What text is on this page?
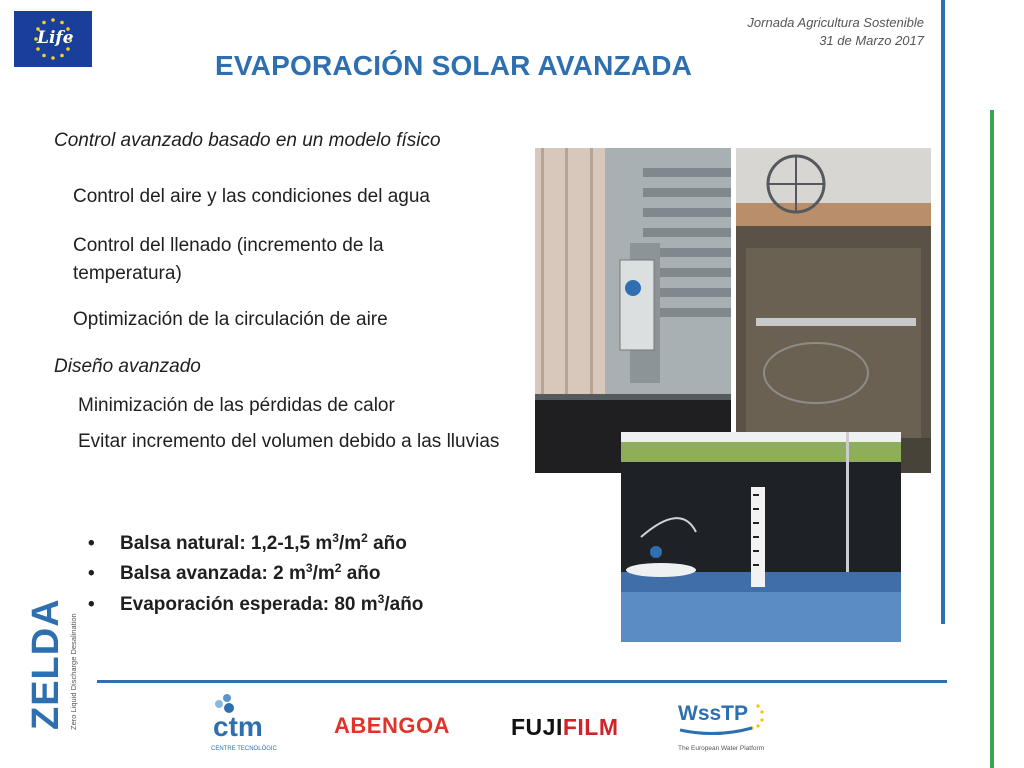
Life
Jornada Agricultura Sostenible
31 de Marzo 2017
EVAPORACIÓN SOLAR AVANZADA
Control avanzado basado en un modelo físico
Control del aire y las condiciones del agua
Control del llenado (incremento de la temperatura)
Optimización de la circulación de aire
Diseño avanzado
Minimización de las pérdidas de calor
Evitar incremento del volumen debido a las lluvias
• Balsa natural: 1,2-1,5 $m^3/m^2$ año
• Balsa avanzada: 2 $m^3/m^2$ año
• Evaporación esperada: 80 $m^3$/año
ZELDA Zero Liquid Discharge Desalination	ctm
CENTRE TECNOLÒGIC
ABENGOA	FUJIFILM
WssTP
The European Water Platform
